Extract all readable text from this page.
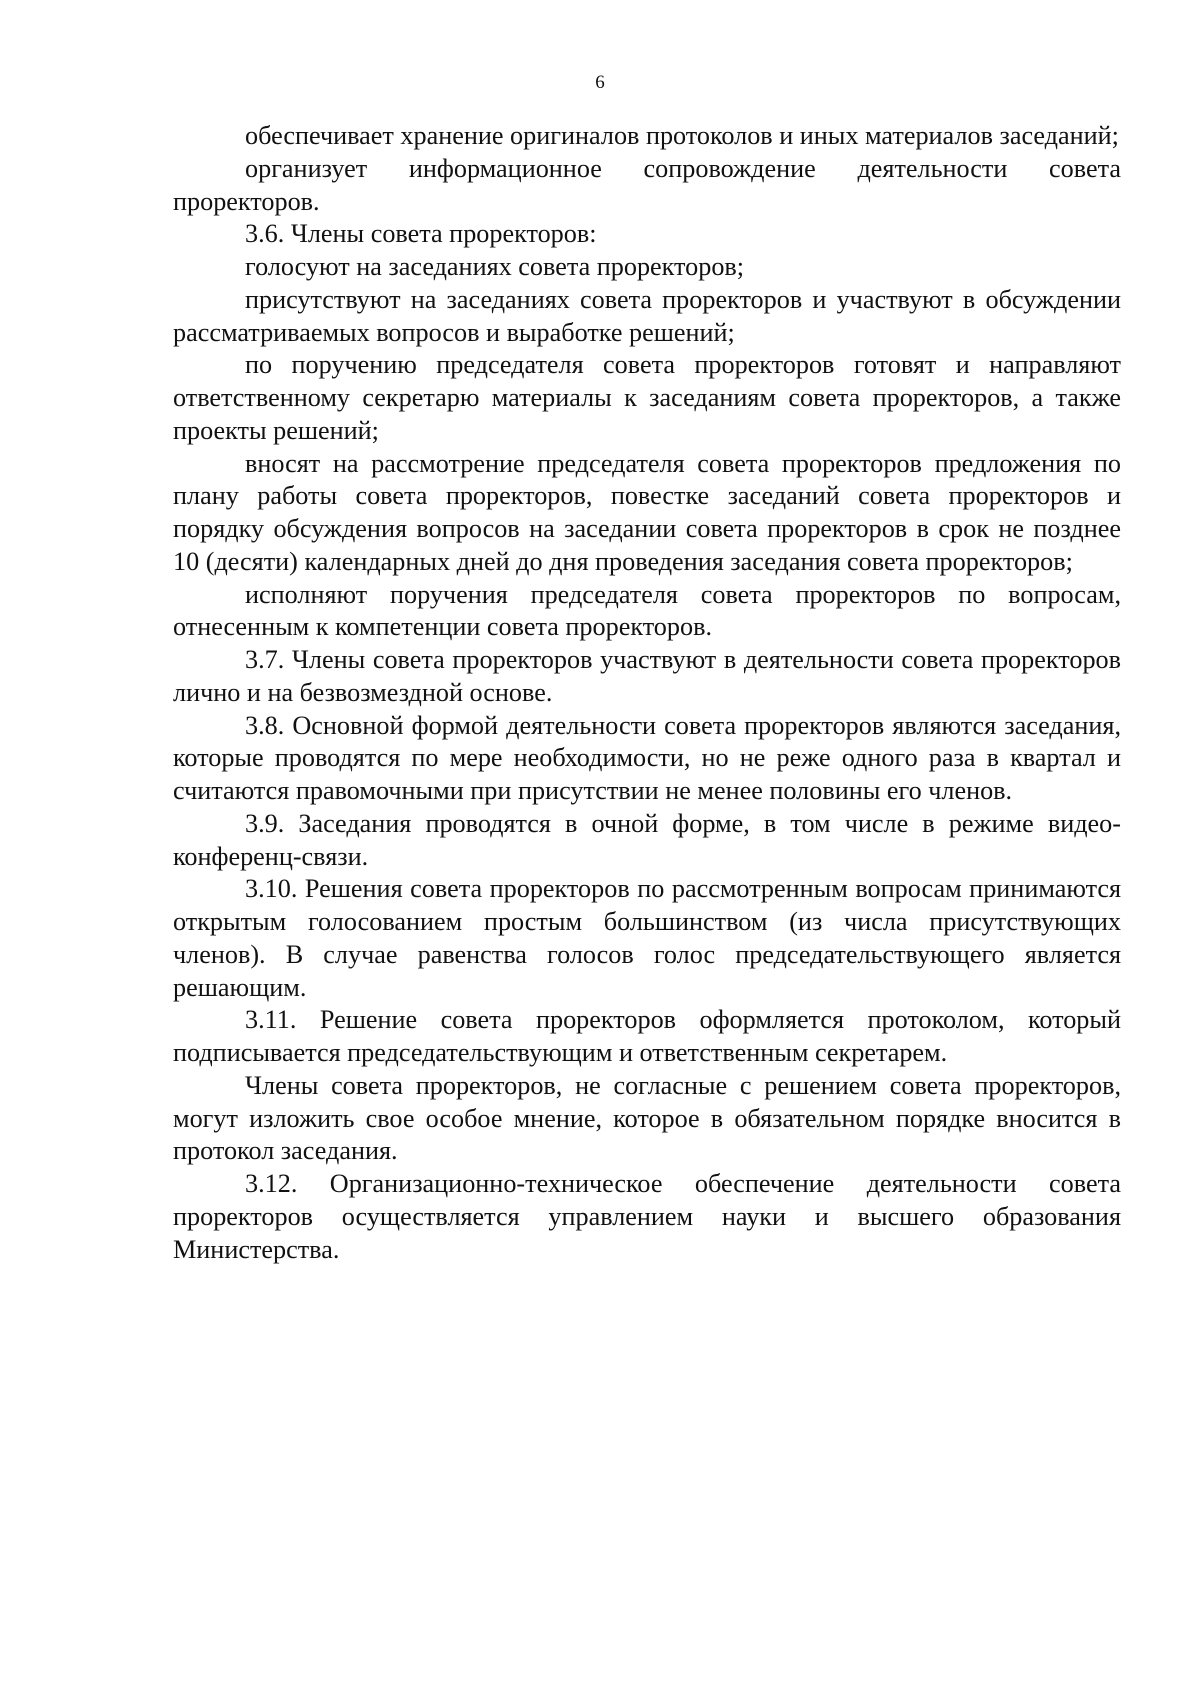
6

обеспечивает хранение оригиналов протоколов и иных материалов заседаний;

организует информационное сопровождение деятельности совета проректоров.

3.6. Члены совета проректоров:

голосуют на заседаниях совета проректоров;

присутствуют на заседаниях совета проректоров и участвуют в обсуждении рассматриваемых вопросов и выработке решений;

по поручению председателя совета проректоров готовят и направляют ответственному секретарю материалы к заседаниям совета проректоров, а также проекты решений;

вносят на рассмотрение председателя совета проректоров предложения по плану работы совета проректоров, повестке заседаний совета проректоров и порядку обсуждения вопросов на заседании совета проректоров в срок не позднее 10 (десяти) календарных дней до дня проведения заседания совета проректоров;

исполняют поручения председателя совета проректоров по вопросам, отнесенным к компетенции совета проректоров.

3.7. Члены совета проректоров участвуют в деятельности совета проректоров лично и на безвозмездной основе.

3.8. Основной формой деятельности совета проректоров являются заседания, которые проводятся по мере необходимости, но не реже одного раза в квартал и считаются правомочными при присутствии не менее половины его членов.

3.9. Заседания проводятся в очной форме, в том числе в режиме видеоконференц-связи.

3.10. Решения совета проректоров по рассмотренным вопросам принимаются открытым голосованием простым большинством (из числа присутствующих членов). В случае равенства голосов голос председательствующего является решающим.

3.11. Решение совета проректоров оформляется протоколом, который подписывается председательствующим и ответственным секретарем.

Члены совета проректоров, не согласные с решением совета проректоров, могут изложить свое особое мнение, которое в обязательном порядке вносится в протокол заседания.

3.12. Организационно-техническое обеспечение деятельности совета проректоров осуществляется управлением науки и высшего образования Министерства.
